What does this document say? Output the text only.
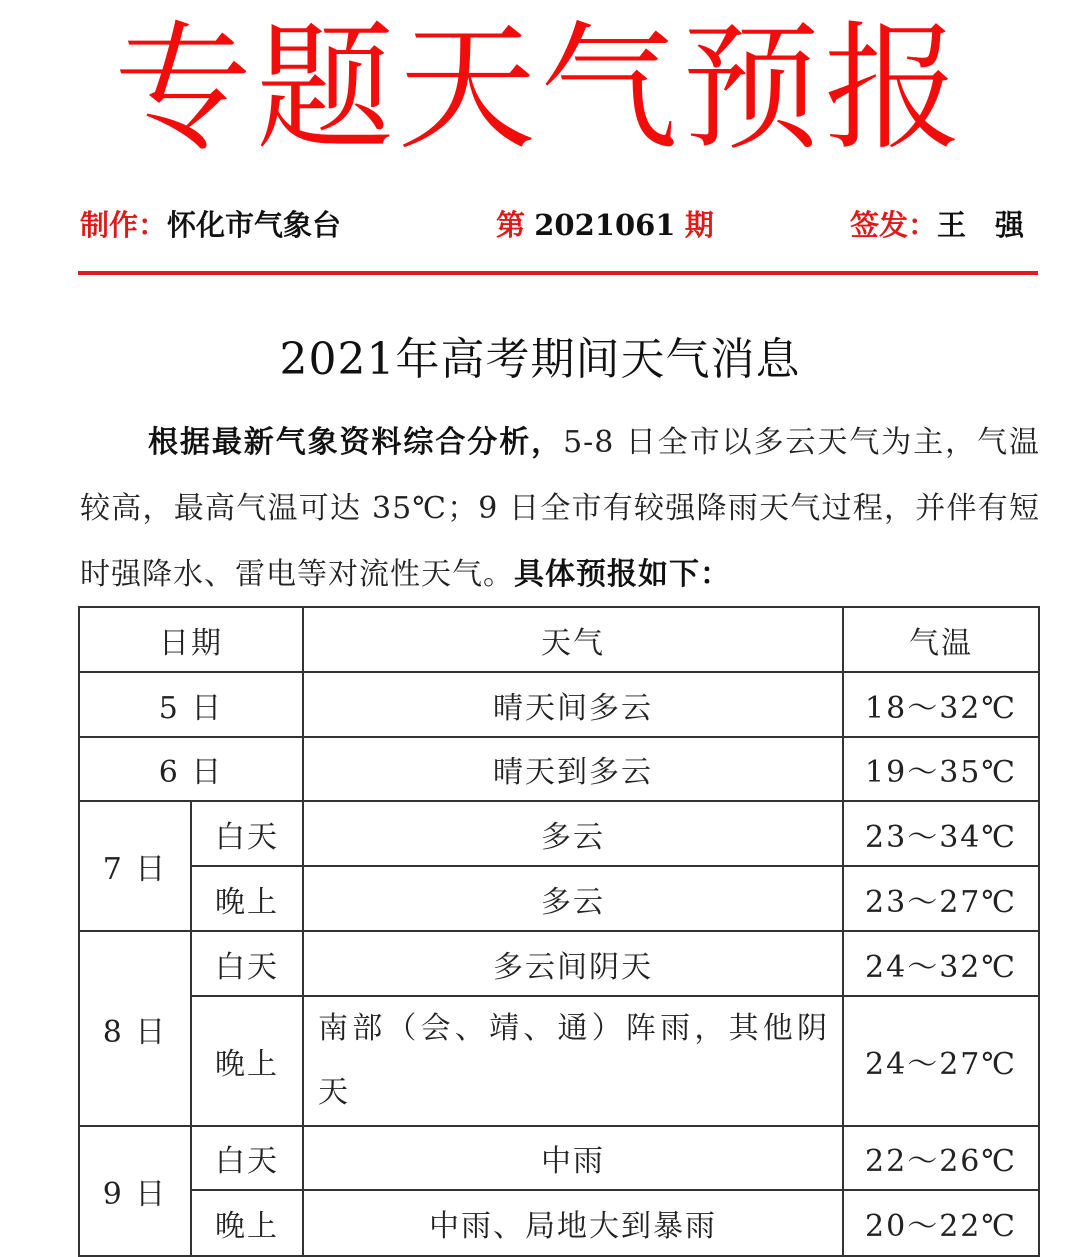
专题天气预报
制作：怀化市气象台	第 2021061 期	签发：王　强
2021年高考期间天气消息
根据最新气象资料综合分析，5-8 日全市以多云天气为主，气温较高，最高气温可达 35℃；9 日全市有较强降雨天气过程，并伴有短时强降水、雷电等对流性天气。具体预报如下：
日期		天气	气温
5 日		晴天间多云	18～32℃
6 日		晴天到多云	19～35℃
7 日	白天	多云	23～34℃
	晚上	多云	23～27℃
8 日	白天	多云间阴天	24～32℃
	晚上	南部（会、靖、通）阵雨，其他阴天	24～27℃
9 日	白天	中雨	22～26℃
	晚上	中雨、局地大到暴雨	20～22℃
